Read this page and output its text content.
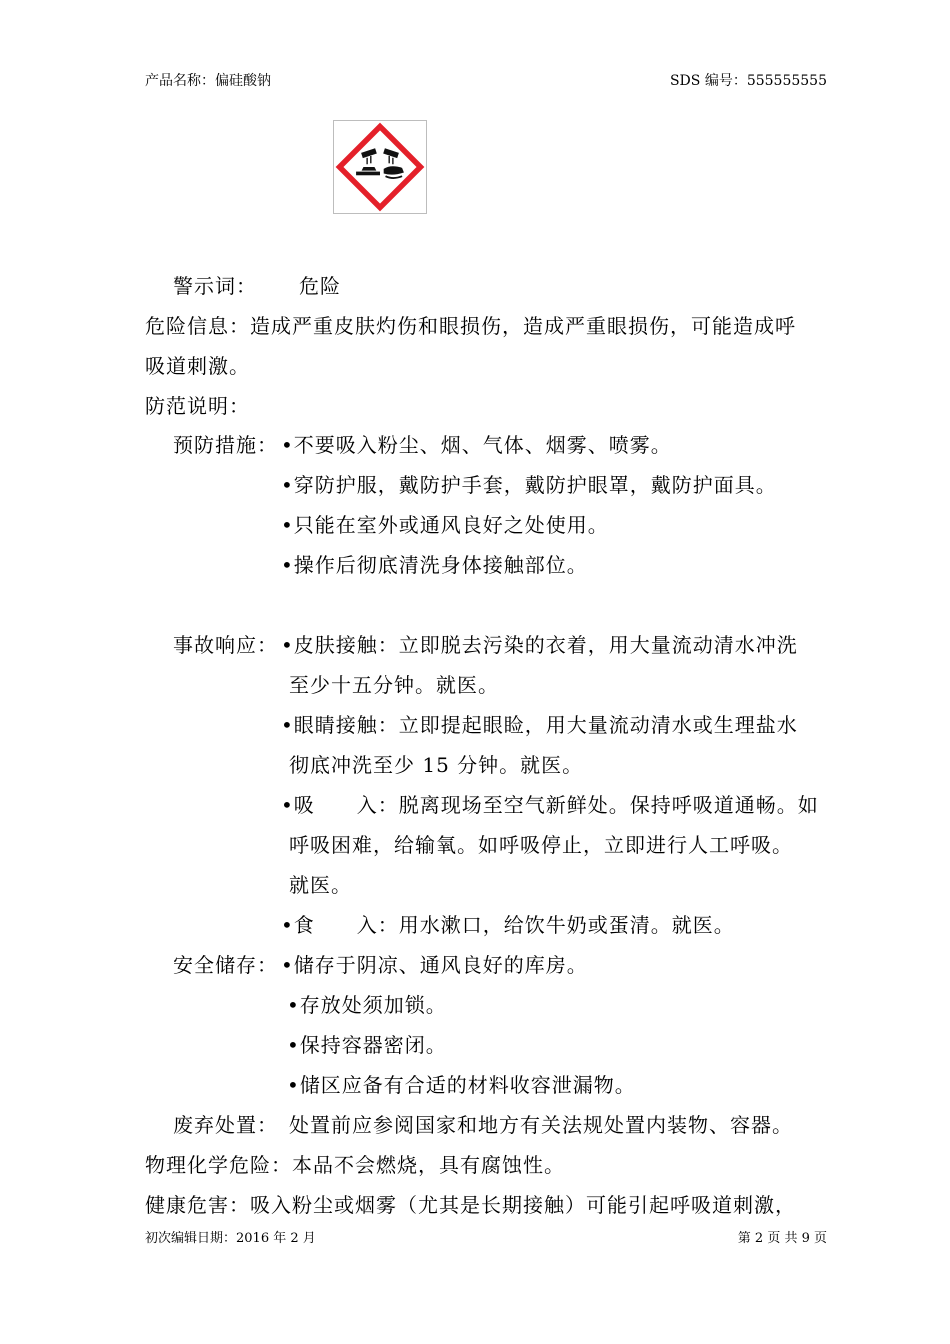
产品名称：偏硅酸钠	SDS 编号：555555555
警示词： 危险
危险信息：造成严重皮肤灼伤和眼损伤，造成严重眼损伤，可能造成呼
吸道刺激。
防范说明：
预防措施： •不要吸入粉尘、烟、气体、烟雾、喷雾。
•穿防护服，戴防护手套，戴防护眼罩，戴防护面具。
•只能在室外或通风良好之处使用。
•操作后彻底清洗身体接触部位。
事故响应： •皮肤接触：立即脱去污染的衣着，用大量流动清水冲洗
至少十五分钟。就医。
•眼睛接触：立即提起眼睑，用大量流动清水或生理盐水
彻底冲洗至少 15 分钟。就医。
•吸　　入：脱离现场至空气新鲜处。保持呼吸道通畅。如
呼吸困难，给输氧。如呼吸停止，立即进行人工呼吸。
就医。
•食　　入：用水漱口，给饮牛奶或蛋清。就医。
安全储存： •储存于阴凉、通风良好的库房。
•存放处须加锁。
•保持容器密闭。
•储区应备有合适的材料收容泄漏物。
废弃处置：　处置前应参阅国家和地方有关法规处置内装物、容器。
物理化学危险：本品不会燃烧，具有腐蚀性。
健康危害：吸入粉尘或烟雾（尤其是长期接触）可能引起呼吸道刺激，
初次编辑日期：2016 年 2 月	第 2 页 共 9 页
